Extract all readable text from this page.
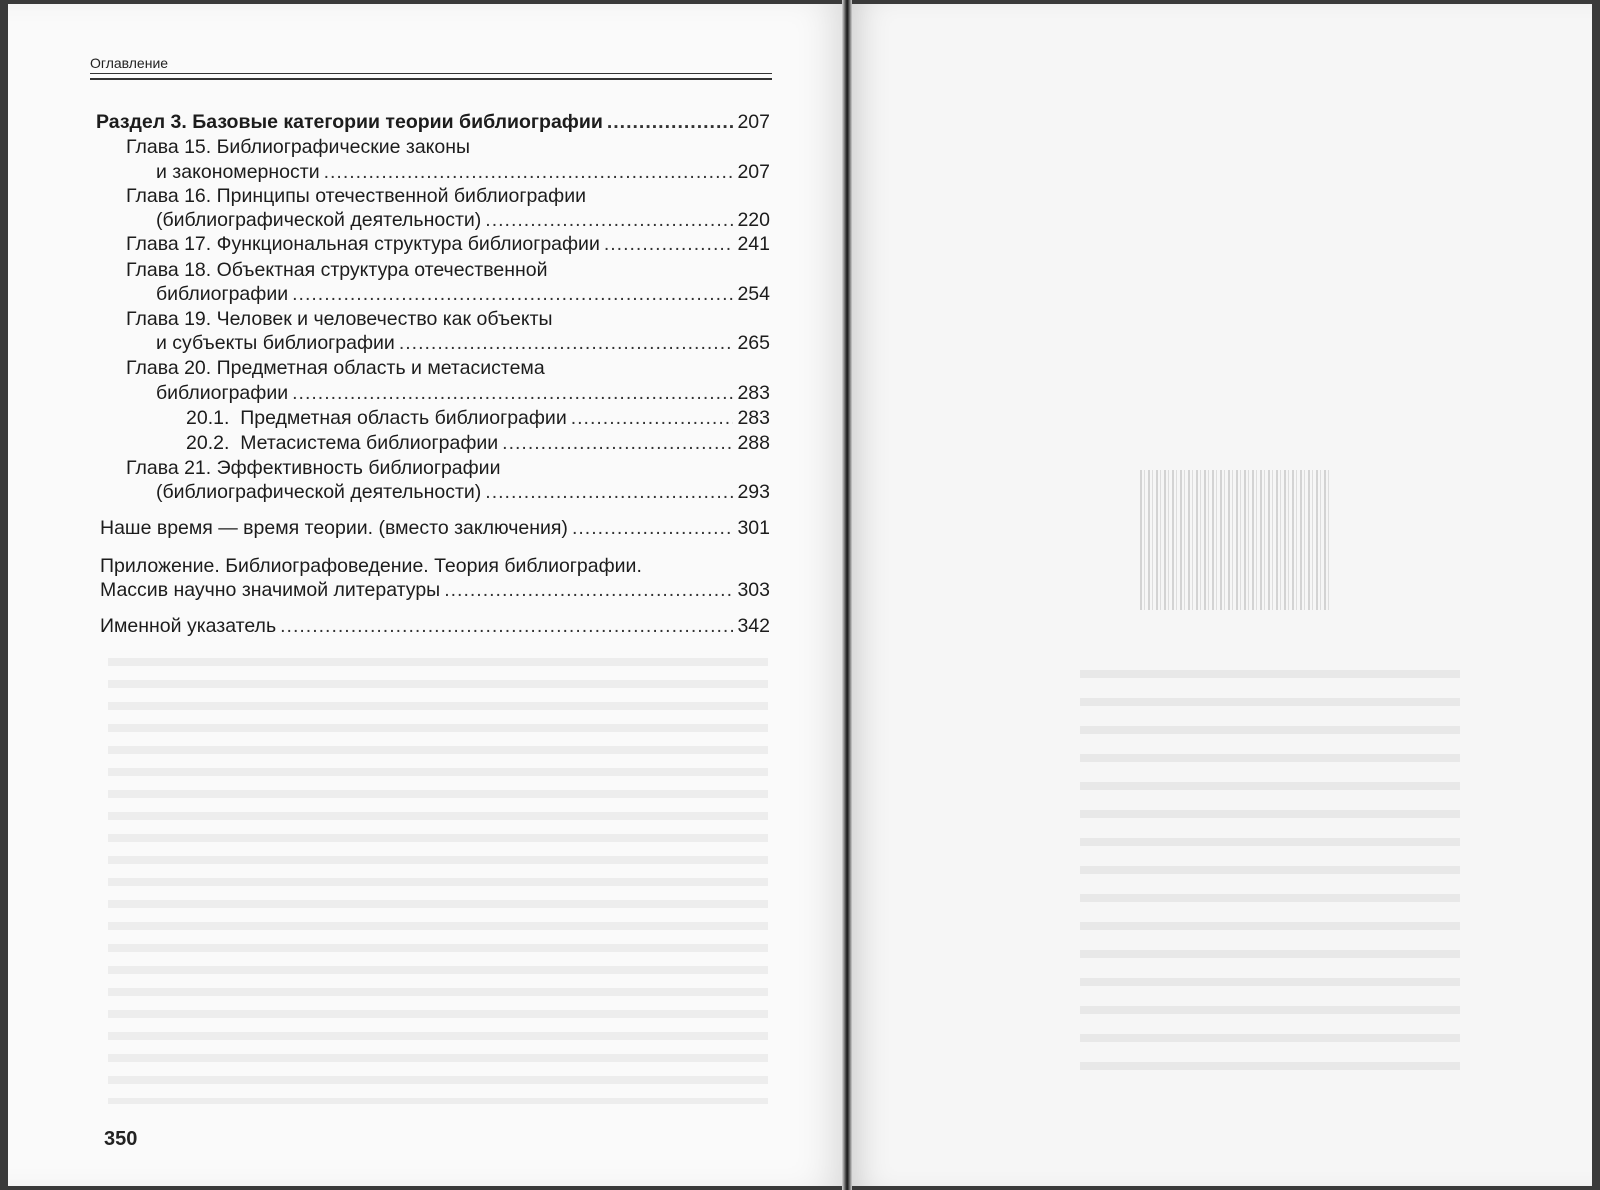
Оглавление
Раздел 3. Базовые категории теории библиографии .....	207
Глава 15. Библиографические законы
и закономерности .....	207
Глава 16. Принципы отечественной библиографии
(библиографической деятельности) .....	220
Глава 17. Функциональная структура библиографии .....	241
Глава 18. Объектная структура отечественной
библиографии .....	254
Глава 19. Человек и человечество как объекты
и субъекты библиографии .....	265
Глава 20. Предметная область и метасистема
библиографии .....	283
20.1.  Предметная область библиографии .....	283
20.2.  Метасистема библиографии .....	288
Глава 21. Эффективность библиографии
(библиографической деятельности) .....	293
Наше время — время теории. (вместо заключения) .....	301
Приложение. Библиографоведение. Теория библиографии.
Массив научно значимой литературы .....	303
Именной указатель .....	342
350
